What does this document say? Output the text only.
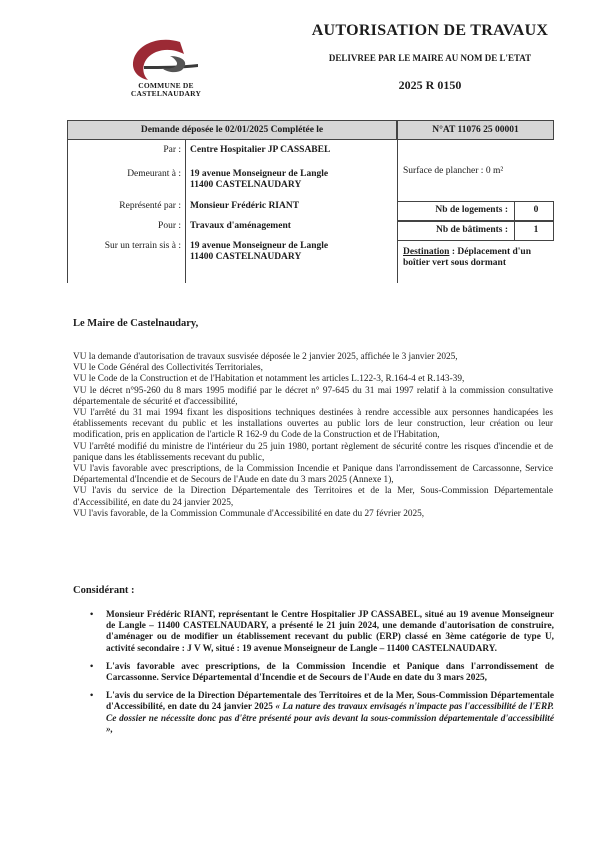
COMMUNE DE CASTELNAUDARY
AUTORISATION DE TRAVAUX
DELIVREE PAR LE MAIRE AU NOM DE L'ETAT
2025 R 0150
Demande déposée le 02/01/2025 Complétée le	N°AT 11076 25 00001
Par : Centre Hospitalier JP CASSABEL
Demeurant à : 19 avenue Monseigneur de Langle 11400 CASTELNAUDARY
Représenté par : Monsieur Frédéric RIANT
Pour : Travaux d'aménagement
Sur un terrain sis à : 19 avenue Monseigneur de Langle 11400 CASTELNAUDARY
Surface de plancher : 0 m²
Nb de logements :	0
Nb de bâtiments :	1
Destination : Déplacement d'un boîtier vert sous dormant
Le Maire de Castelnaudary,

VU la demande d'autorisation de travaux susvisée déposée le 2 janvier 2025, affichée le 3 janvier 2025,

VU le Code Général des Collectivités Territoriales,

VU le Code de la Construction et de l'Habitation et notamment les articles L.122-3, R.164-4 et R.143-39,

VU le décret n°95-260 du 8 mars 1995 modifié par le décret n° 97-645 du 31 mai 1997 relatif à la commission consultative départementale de sécurité et d'accessibilité,

VU l'arrêté du 31 mai 1994 fixant les dispositions techniques destinées à rendre accessible aux personnes handicapées les établissements recevant du public et les installations ouvertes au public lors de leur construction, leur création ou leur modification, pris en application de l'article R 162-9 du Code de la Construction et de l'Habitation,

VU l'arrêté modifié du ministre de l'intérieur du 25 juin 1980, portant règlement de sécurité contre les risques d'incendie et de panique dans les établissements recevant du public,

VU l'avis favorable avec prescriptions, de la Commission Incendie et Panique dans l'arrondissement de Carcassonne, Service Départemental d'Incendie et de Secours de l'Aude en date du 3 mars 2025 (Annexe 1),

VU l'avis du service de la Direction Départementale des Territoires et de la Mer, Sous-Commission Départementale d'Accessibilité, en date du 24 janvier 2025,

VU l'avis favorable, de la Commission Communale d'Accessibilité en date du 27 février 2025,

Considérant :
• Monsieur Frédéric RIANT, représentant le Centre Hospitalier JP CASSABEL, situé au 19 avenue Monseigneur de Langle – 11400 CASTELNAUDARY, a présenté le 21 juin 2024, une demande d'autorisation de construire, d'aménager ou de modifier un établissement recevant du public (ERP) classé en 3ème catégorie de type U, activité secondaire : J V W, situé : 19 avenue Monseigneur de Langle – 11400 CASTELNAUDARY.
• L'avis favorable avec prescriptions, de la Commission Incendie et Panique dans l'arrondissement de Carcassonne. Service Départemental d'Incendie et de Secours de l'Aude en date du 3 mars 2025,
• L'avis du service de la Direction Départementale des Territoires et de la Mer, Sous-Commission Départementale d'Accessibilité, en date du 24 janvier 2025 « La nature des travaux envisagés n'impacte pas l'accessibilité de l'ERP. Ce dossier ne nécessite donc pas d'être présenté pour avis devant la sous-commission départementale d'accessibilité »,
